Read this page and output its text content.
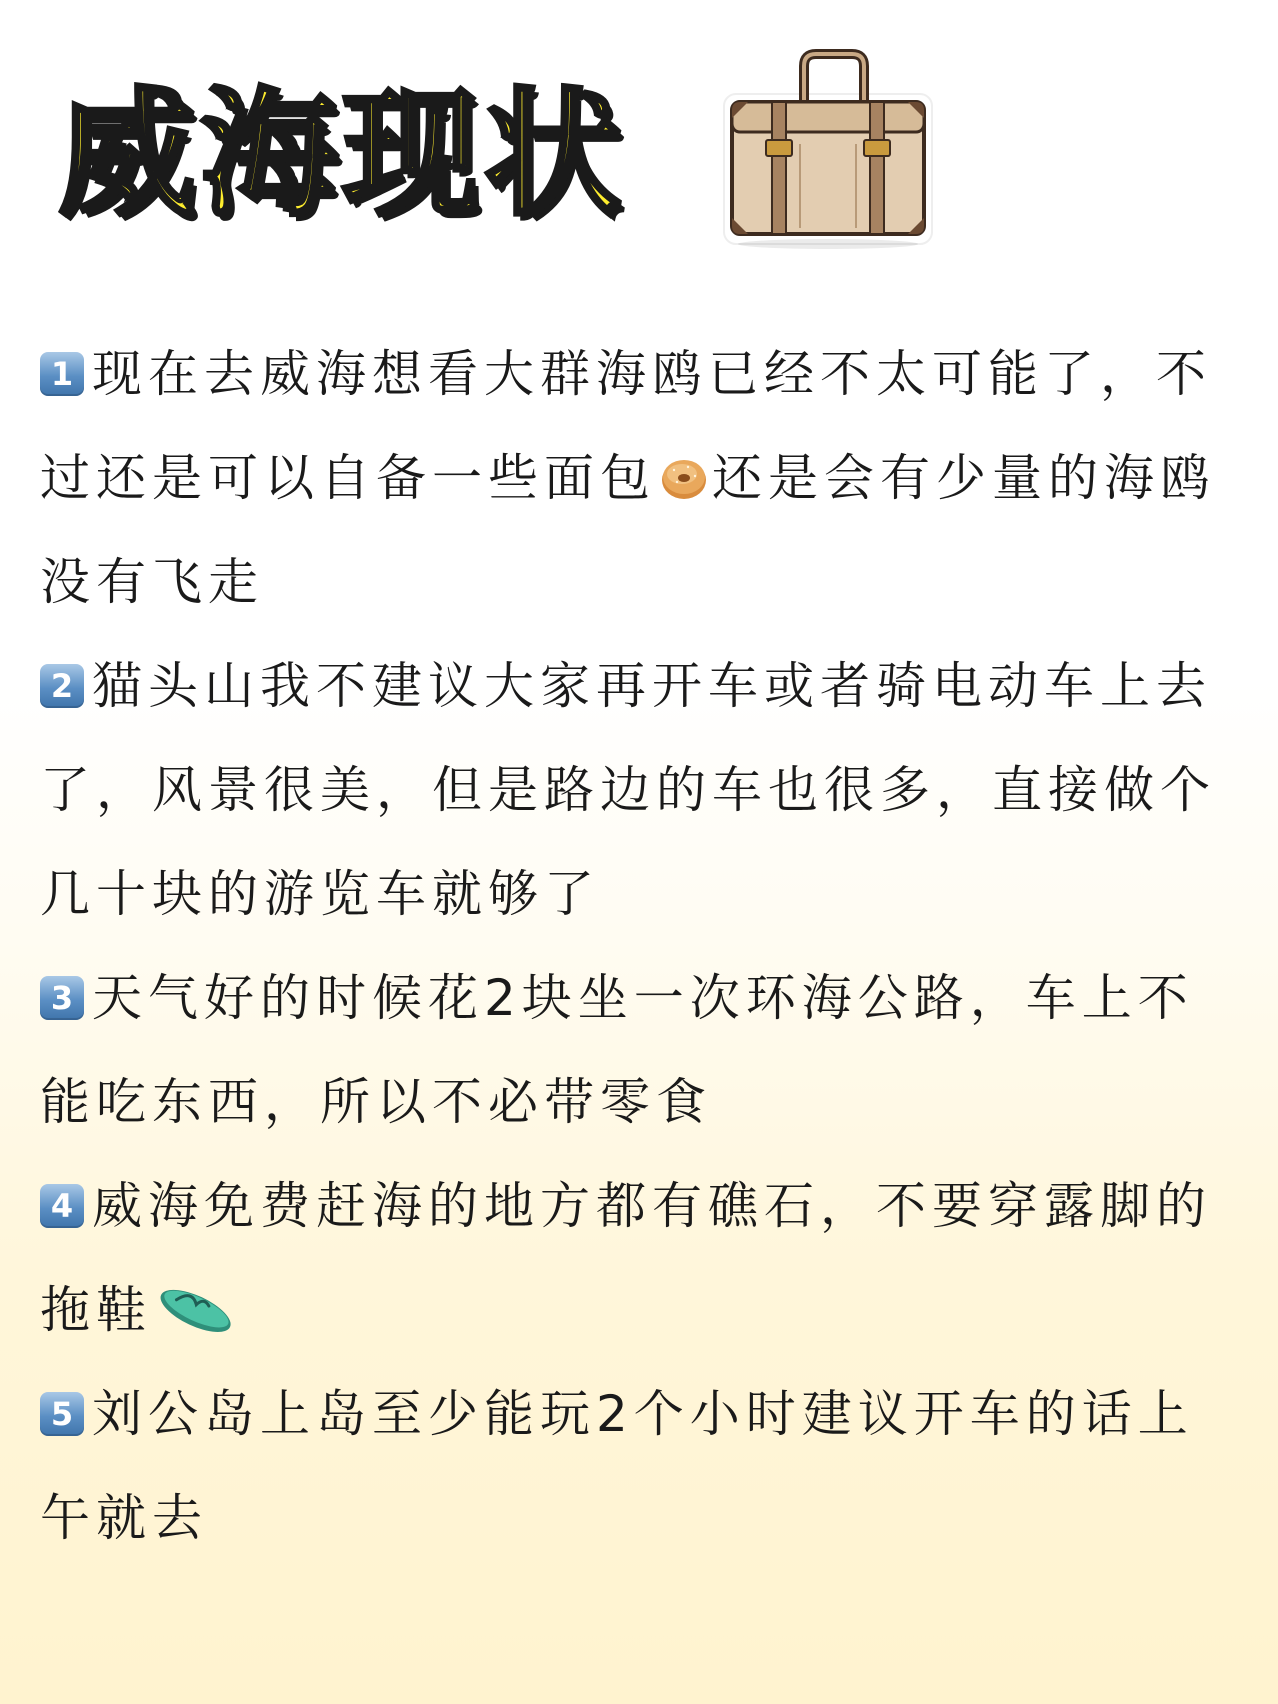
威海现状

1 现在去威海想看大群海鸥已经不太可能了，不过还是可以自备一些面包 还是会有少量的海鸥没有飞走

2 猫头山我不建议大家再开车或者骑电动车上去了，风景很美，但是路边的车也很多，直接做个几十块的游览车就够了

3 天气好的时候花2块坐一次环海公路，车上不能吃东西，所以不必带零食

4 威海免费赶海的地方都有礁石，不要穿露脚的拖鞋

5 刘公岛上岛至少能玩2个小时建议开车的话上午就去
